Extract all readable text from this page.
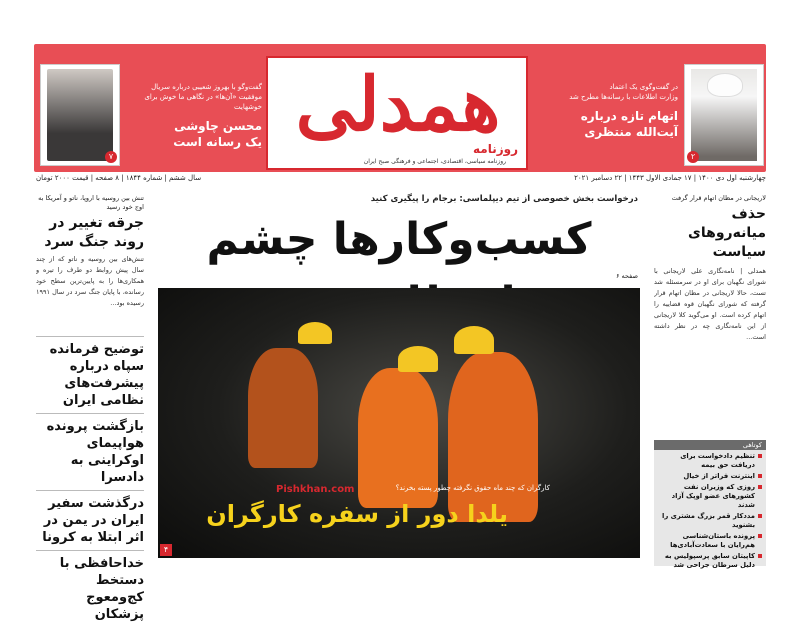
۷
گفت‌وگو با بهروز شعیبی درباره سریال
موفقیت «آن‌ها» در نگاهی ما خوش برای خوشهایت
محسن چاوشی
یک رسانه است همدلی
روزنامه
روزنامه سیاسی، اقتصادی، اجتماعی و فرهنگی صبح ایران
در گفت‌وگوی یک اعتماد
وزارت اطلاعات با رسانه‌ها مطرح شد
اتهام تازه درباره
آیت‌الله منتظری
۲
چهارشنبه اول دی ۱۴۰۰ | ۱۷ جمادی الاول ۱۴۴۳ | ۲۲ دسامبر ۲۰۲۱
سال ششم | شماره ۱۸۴۴ | ۸ صفحه | قیمت ۲۰۰۰ تومان
تنش بین روسیه با اروپا، ناتو و آمریکا به اوج خود رسید
جرقه تغییر در روند جنگ سرد
تنش‌های بین روسیه و ناتو که از چند سال پیش روابط دو طرف را تیره و همکاری‌ها را به پایین‌ترین سطح خود رسانده، با پایان جنگ سرد در سال ۱۹۹۱ رسیده بود...
توضیح فرمانده سپاه درباره پیشرفت‌های نظامی ایران
بازگشت پرونده هواپیمای اوکراینی به دادسرا
درگذشت سفیر ایران در یمن در اثر ابتلا به کرونا
خداحافظی با دستخط کج‌ومعوج پزشکان
درخواست بخش خصوصی از تیم دیپلماسی: برجام را پیگیری کنید
کسب‌وکارها چشم
صفحه ۶
کارگران که چند ماه حقوق نگرفته چطور پسته بخرند؟
Pishkhan.com
یلدا دور از سفره کارگران
۴
لاریجانی در مظان اتهام قرار گرفت
حذف میانه‌روهای سیاست
همدلی | نامه‌نگاری علی لاریجانی با شورای نگهبان برای او در سرمسئله شد تست، حالا لاریجانی در مظان اتهام قرار گرفته که شورای نگهبان قوه قضاییه را اتهام کرده است. او می‌گوید کلا لاریجانی از این نامه‌نگاری چه در نظر داشته است...
کوتاهی
تنظیم دادخواست برای دریافت حق بیمه
اینترنت فراتر از خیال
روزی که وزیران نفت کشورهای عضو اوپک آزاد شدند
مددکار قمر بزرگ مشتری را بشنوید
پرونده باستان‌شناسی هم‌رایان با سعادت‌آبادی‌ها
کاپیتان سابق پرسپولیس به دلیل سرطان جراحی شد
